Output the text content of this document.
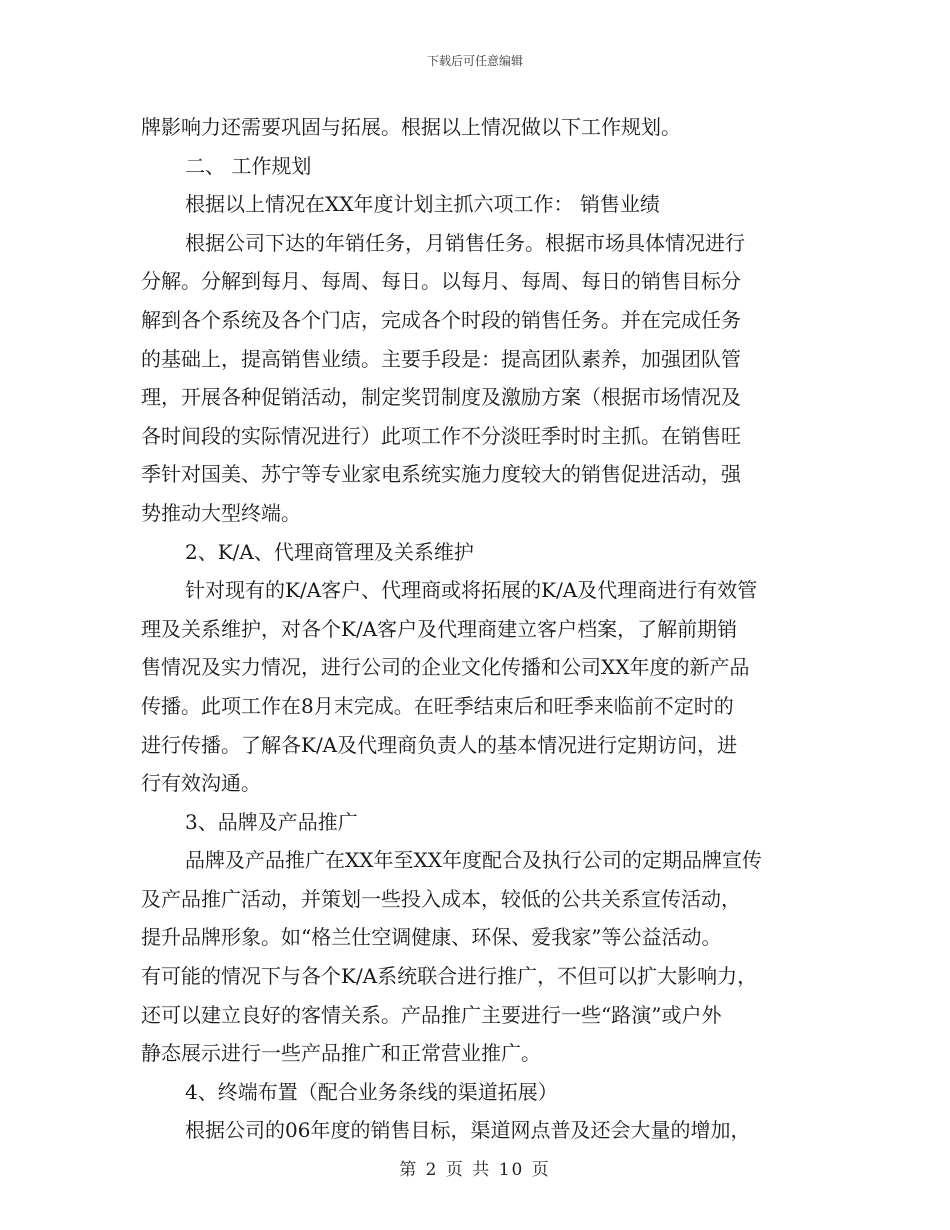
下载后可任意编辑
牌影响力还需要巩固与拓展。根据以上情况做以下工作规划。
二、 工作规划
根据以上情况在XX年度计划主抓六项工作： 销售业绩
根据公司下达的年销任务，月销售任务。根据市场具体情况进行
分解。分解到每月、每周、每日。以每月、每周、每日的销售目标分
解到各个系统及各个门店，完成各个时段的销售任务。并在完成任务
的基础上，提高销售业绩。主要手段是：提高团队素养，加强团队管
理，开展各种促销活动，制定奖罚制度及激励方案（根据市场情况及
各时间段的实际情况进行）此项工作不分淡旺季时时主抓。在销售旺
季针对国美、苏宁等专业家电系统实施力度较大的销售促进活动，强
势推动大型终端。
2、K/A、代理商管理及关系维护
针对现有的K/A客户、代理商或将拓展的K/A及代理商进行有效管
理及关系维护，对各个K/A客户及代理商建立客户档案，了解前期销
售情况及实力情况，进行公司的企业文化传播和公司XX年度的新产品
传播。此项工作在8月末完成。在旺季结束后和旺季来临前不定时的
进行传播。了解各K/A及代理商负责人的基本情况进行定期访问，进
行有效沟通。
3、品牌及产品推广
品牌及产品推广在XX年至XX年度配合及执行公司的定期品牌宣传
及产品推广活动，并策划一些投入成本，较低的公共关系宣传活动，
提升品牌形象。如“格兰仕空调健康、环保、爱我家”等公益活动。
有可能的情况下与各个K/A系统联合进行推广，不但可以扩大影响力，
还可以建立良好的客情关系。产品推广主要进行一些“路演”或户外
静态展示进行一些产品推广和正常营业推广。
4、终端布置（配合业务条线的渠道拓展）
根据公司的06年度的销售目标，渠道网点普及还会大量的增加，
第 2 页 共 10 页
